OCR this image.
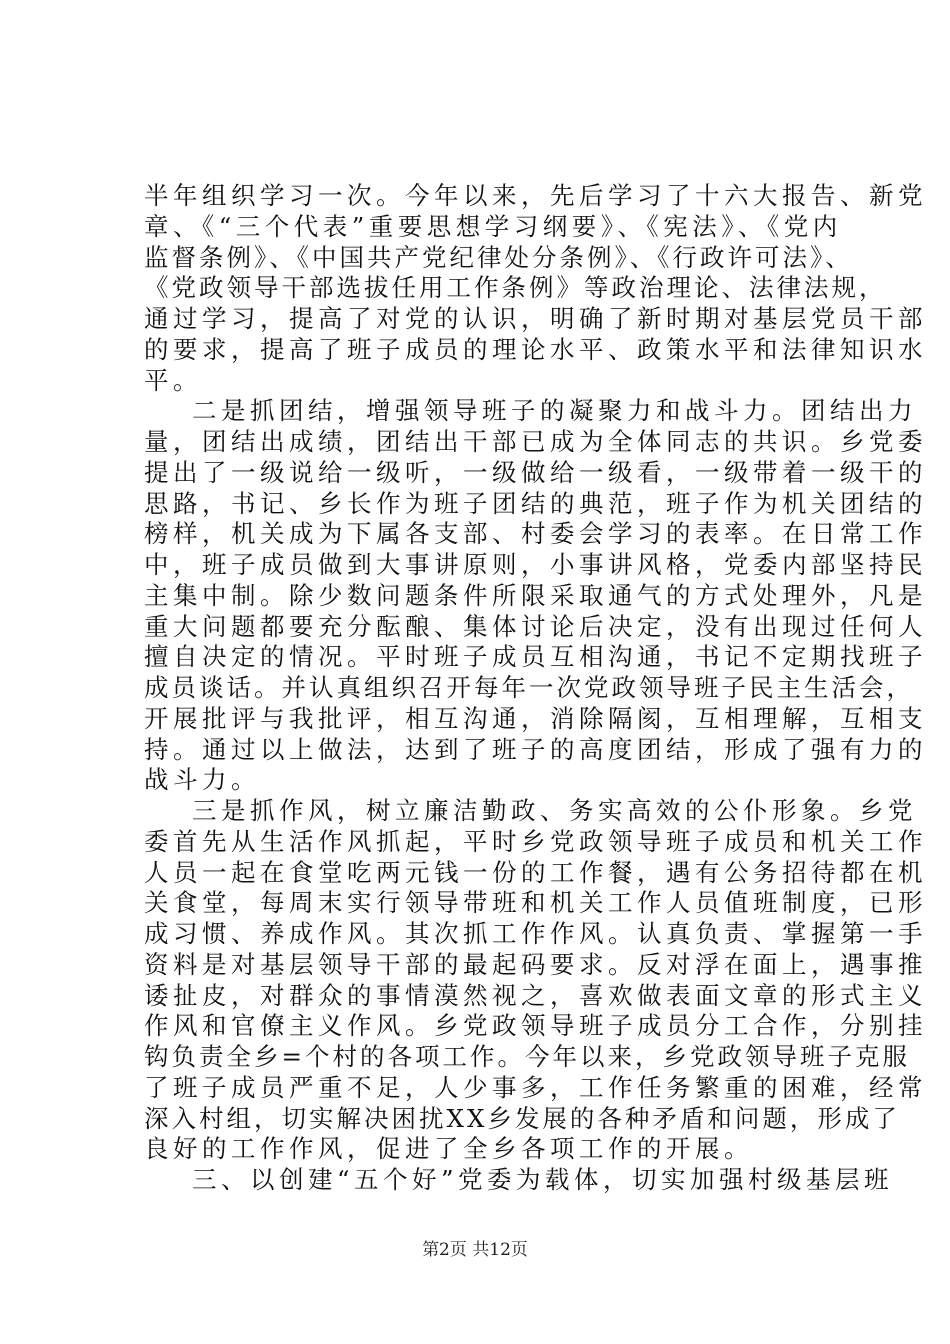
半年组织学习一次。今年以来，先后学习了十六大报告、新党
章、《“三个代表”重要思想学习纲要》、《宪法》、《党内
监督条例》、《中国共产党纪律处分条例》、《行政许可法》、
《党政领导干部选拔任用工作条例》等政治理论、法律法规，
通过学习，提高了对党的认识，明确了新时期对基层党员干部
的要求，提高了班子成员的理论水平、政策水平和法律知识水
平。
二是抓团结，增强领导班子的凝聚力和战斗力。团结出力
量，团结出成绩，团结出干部已成为全体同志的共识。乡党委
提出了一级说给一级听，一级做给一级看，一级带着一级干的
思路，书记、乡长作为班子团结的典范，班子作为机关团结的
榜样，机关成为下属各支部、村委会学习的表率。在日常工作
中，班子成员做到大事讲原则，小事讲风格，党委内部坚持民
主集中制。除少数问题条件所限采取通气的方式处理外，凡是
重大问题都要充分酝酿、集体讨论后决定，没有出现过任何人
擅自决定的情况。平时班子成员互相沟通，书记不定期找班子
成员谈话。并认真组织召开每年一次党政领导班子民主生活会，
开展批评与我批评，相互沟通，消除隔阂，互相理解，互相支
持。通过以上做法，达到了班子的高度团结，形成了强有力的
战斗力。
三是抓作风，树立廉洁勤政、务实高效的公仆形象。乡党
委首先从生活作风抓起，平时乡党政领导班子成员和机关工作
人员一起在食堂吃两元钱一份的工作餐，遇有公务招待都在机
关食堂，每周末实行领导带班和机关工作人员值班制度，已形
成习惯、养成作风。其次抓工作作风。认真负责、掌握第一手
资料是对基层领导干部的最起码要求。反对浮在面上，遇事推
诿扯皮，对群众的事情漠然视之，喜欢做表面文章的形式主义
作风和官僚主义作风。乡党政领导班子成员分工合作，分别挂
钩负责全乡=个村的各项工作。今年以来，乡党政领导班子克服
了班子成员严重不足，人少事多，工作任务繁重的困难，经常
深入村组，切实解决困扰XX乡发展的各种矛盾和问题，形成了
良好的工作作风，促进了全乡各项工作的开展。
三、以创建“五个好”党委为载体，切实加强村级基层班
第2页 共12页
